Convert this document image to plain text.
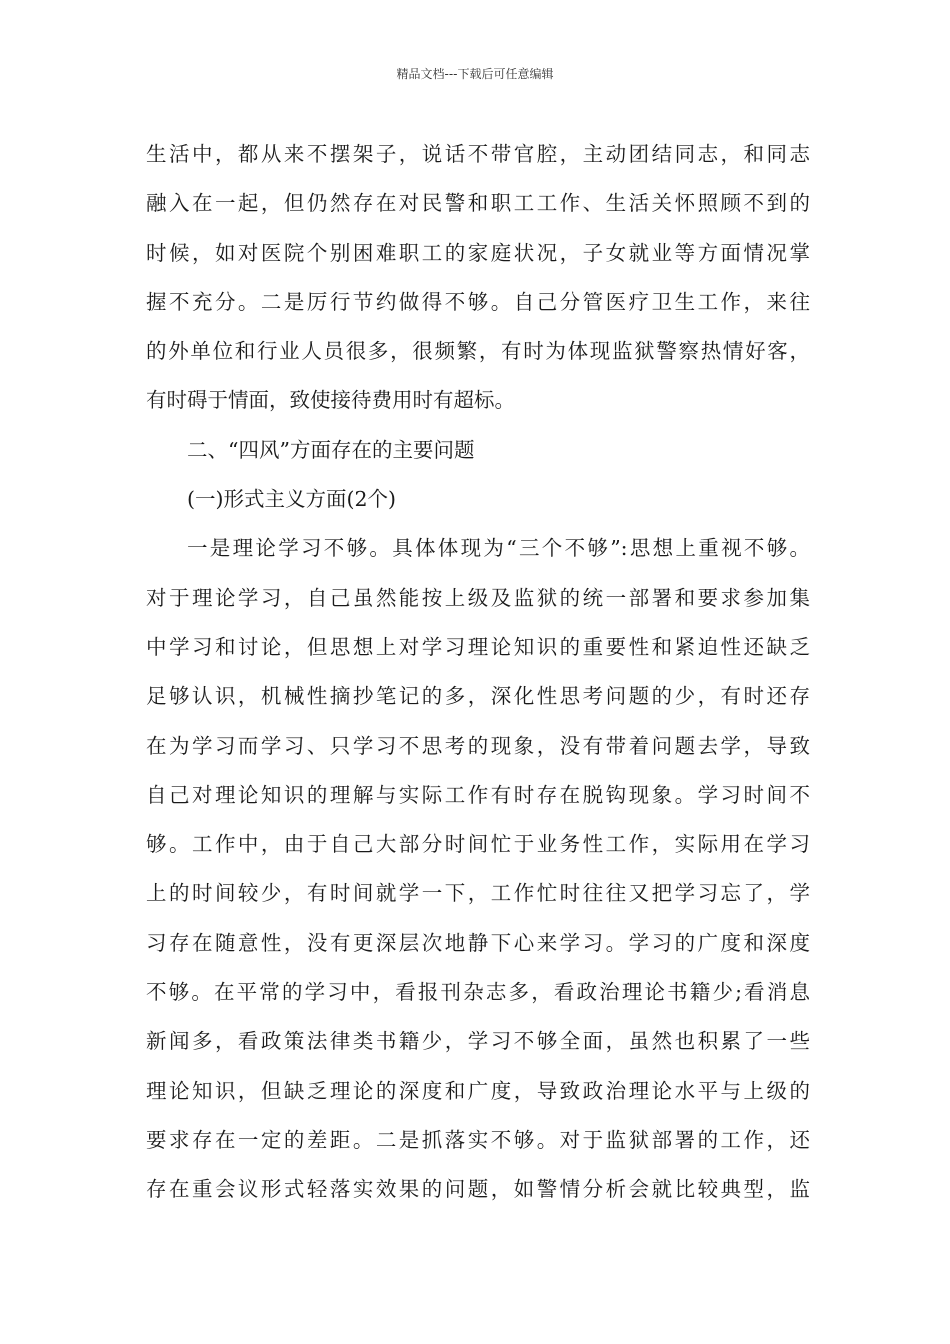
精品文档---下载后可任意编辑
生活中，都从来不摆架子，说话不带官腔，主动团结同志，和同志
融入在一起，但仍然存在对民警和职工工作、生活关怀照顾不到的
时候，如对医院个别困难职工的家庭状况，子女就业等方面情况掌
握不充分。二是厉行节约做得不够。自己分管医疗卫生工作，来往
的外单位和行业人员很多，很频繁，有时为体现监狱警察热情好客，
有时碍于情面，致使接待费用时有超标。
二、“四风”方面存在的主要问题
(一)形式主义方面(2个)
一是理论学习不够。具体体现为“三个不够”:思想上重视不够。
对于理论学习，自己虽然能按上级及监狱的统一部署和要求参加集
中学习和讨论，但思想上对学习理论知识的重要性和紧迫性还缺乏
足够认识，机械性摘抄笔记的多，深化性思考问题的少，有时还存
在为学习而学习、只学习不思考的现象，没有带着问题去学，导致
自己对理论知识的理解与实际工作有时存在脱钩现象。学习时间不
够。工作中，由于自己大部分时间忙于业务性工作，实际用在学习
上的时间较少，有时间就学一下，工作忙时往往又把学习忘了，学
习存在随意性，没有更深层次地静下心来学习。学习的广度和深度
不够。在平常的学习中，看报刊杂志多，看政治理论书籍少;看消息
新闻多，看政策法律类书籍少，学习不够全面，虽然也积累了一些
理论知识，但缺乏理论的深度和广度，导致政治理论水平与上级的
要求存在一定的差距。二是抓落实不够。对于监狱部署的工作，还
存在重会议形式轻落实效果的问题，如警情分析会就比较典型，监
